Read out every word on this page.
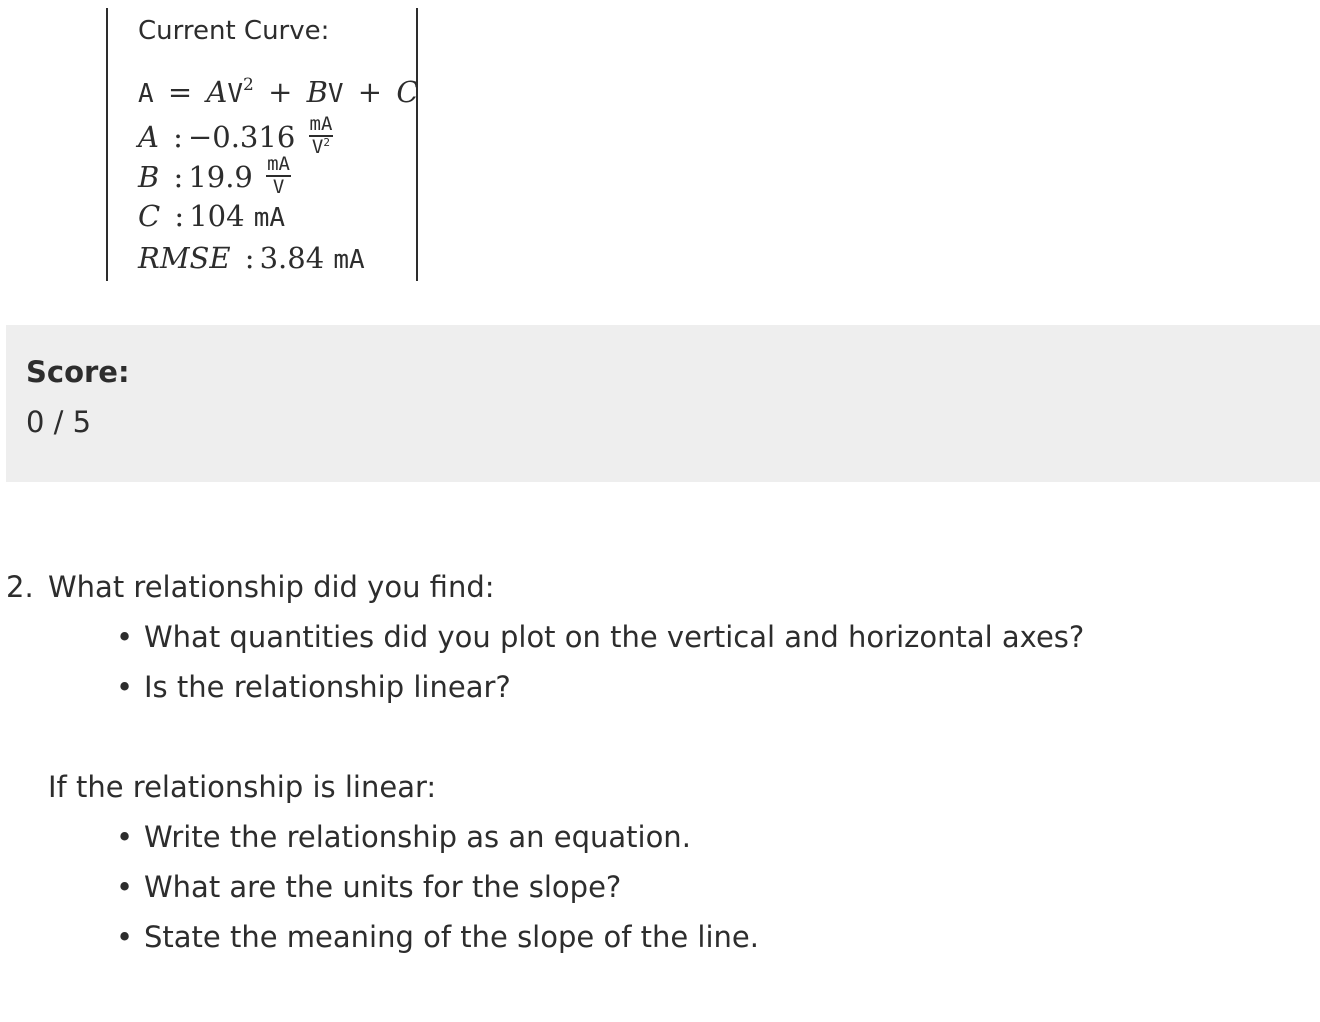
Current Curve:
$A = AV^2$ + BV + C
A : $-0.316 \frac{mA}{V^2}$
B : $19.9 \frac{mA}{V}$
C : 104 mA
RMSE : 3.84 mA
Score:
0 / 5
2. What relationship did you find:
• What quantities did you plot on the vertical and horizontal axes?
• Is the relationship linear?
If the relationship is linear:
• Write the relationship as an equation.
• What are the units for the slope?
• State the meaning of the slope of the line.
